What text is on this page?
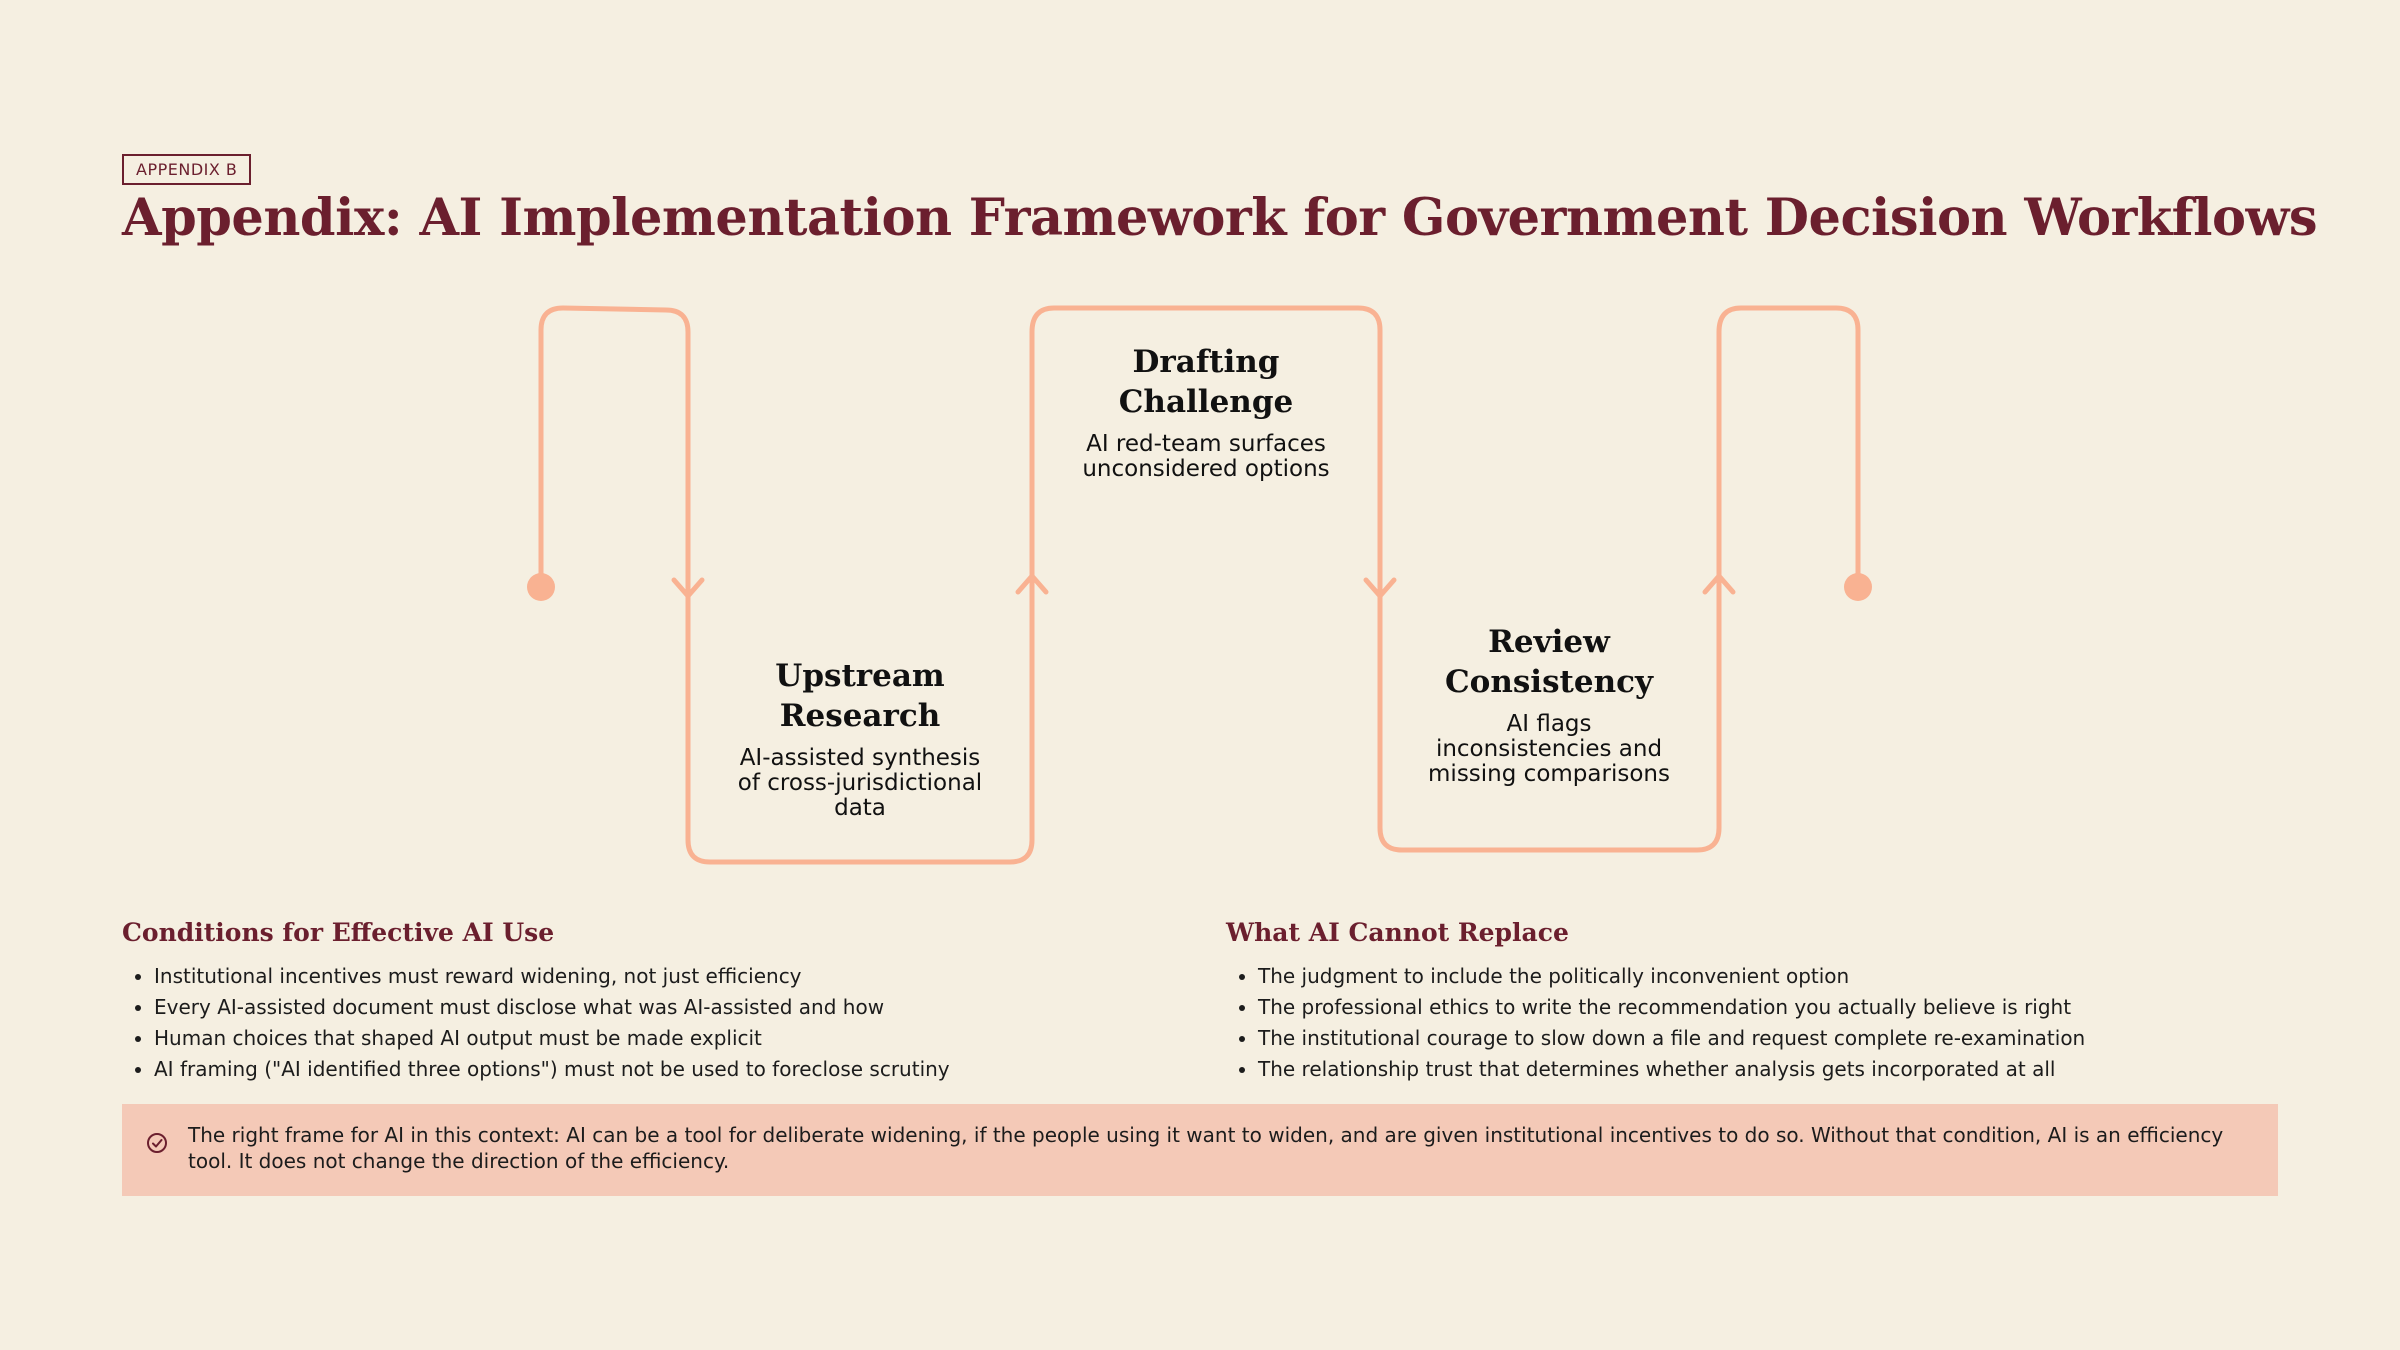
APPENDIX B
Appendix: AI Implementation Framework for Government Decision Workflows
Upstream Research
AI-assisted synthesis of cross-jurisdictional data
Drafting Challenge
AI red-team surfaces unconsidered options
Review Consistency
AI flags inconsistencies and missing comparisons
Conditions for Effective AI Use
• Institutional incentives must reward widening, not just efficiency
• Every AI-assisted document must disclose what was AI-assisted and how
• Human choices that shaped AI output must be made explicit
• AI framing ("AI identified three options") must not be used to foreclose scrutiny
What AI Cannot Replace
• The judgment to include the politically inconvenient option
• The professional ethics to write the recommendation you actually believe is right
• The institutional courage to slow down a file and request complete re-examination
• The relationship trust that determines whether analysis gets incorporated at all
The right frame for AI in this context: AI can be a tool for deliberate widening, if the people using it want to widen, and are given institutional incentives to do so. Without that condition, AI is an efficiency tool. It does not change the direction of the efficiency.
